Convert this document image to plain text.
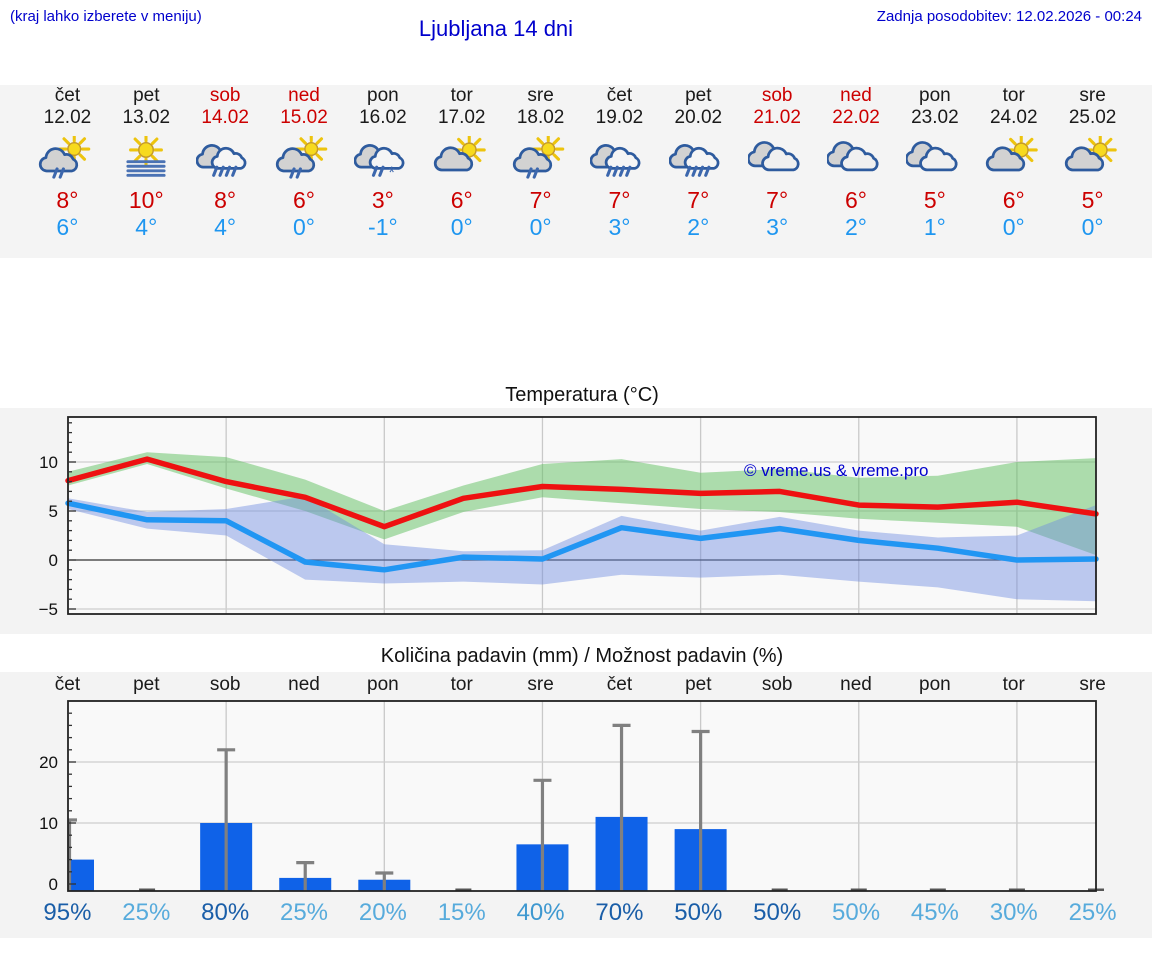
(kraj lahko izberete v meniju)	Ljubljana 14 dni	Zadnja posodobitev: 12.02.2026 - 00:24
čet
12.02
8°
6°
pet
13.02
10°
4°
sob
14.02
8°
4°
ned
15.02
6°
0°
pon
16.02
*
3°
-1°
tor
17.02
6°
0°
sre
18.02
7°
0°
čet
19.02
7°
3°
pet
20.02
7°
2°
sob
21.02
7°
3°
ned
22.02
6°
2°
pon
23.02
5°
1°
tor
24.02
6°
0°
sre
25.02
5°
0°
Temperatura (°C)
−5
0
5
10	© vreme.us & vreme.pro
Količina padavin (mm) / Možnost padavin (%)
čet	pet	sob	ned	pon	tor	sre	čet	pet	sob	ned	pon	tor	sre
0
10
20
95%	25%	80%	25%	20%	15%	40%	70%	50%	50%	50%	45%	30%	25%
